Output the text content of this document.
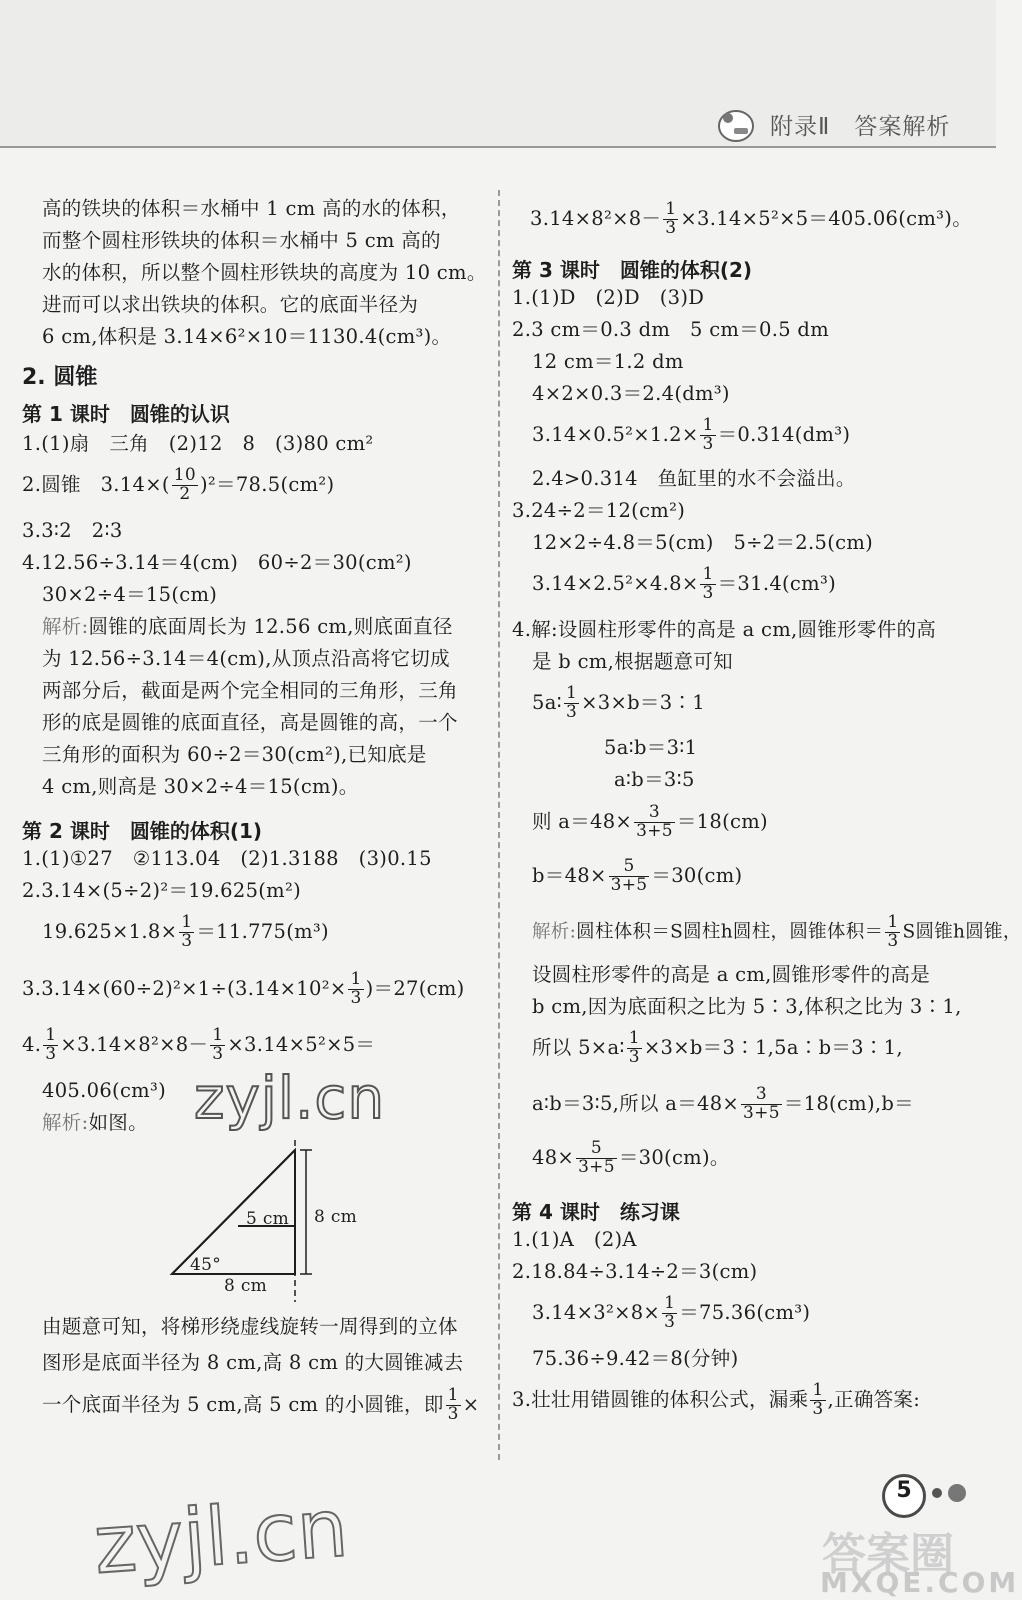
附录Ⅱ　答案解析
高的铁块的体积＝水桶中 1 cm 高的水的体积，
而整个圆柱形铁块的体积＝水桶中 5 cm 高的
水的体积，所以整个圆柱形铁块的高度为 10 cm。
进而可以求出铁块的体积。它的底面半径为
6 cm,体积是 3.14×6²×10＝1130.4(cm³)。
2. 圆锥
第 1 课时　圆锥的认识
1.(1)扇　三角　(2)12　8　(3)80 cm²
2.圆锥　$3.14\times( \frac{10}{2} )^2=78.5(cm^2)$
3.3∶2　2∶3
4.12.56÷3.14＝4(cm)　60÷2＝30(cm²)
30×2÷4＝15(cm)
解析:圆锥的底面周长为 12.56 cm,则底面直径
为 12.56÷3.14＝4(cm),从顶点沿高将它切成
两部分后，截面是两个完全相同的三角形，三角
形的底是圆锥的底面直径，高是圆锥的高，一个
三角形的面积为 60÷2＝30(cm²),已知底是
4 cm,则高是 30×2÷4＝15(cm)。
第 2 课时　圆锥的体积(1)
1.(1)①27　②113.04　(2)1.3188　(3)0.15
2.3.14×(5÷2)²＝19.625(m²)
$19.625\times 1.8\times \frac{1}{3} =11.775(m^3)$
$3.3.14\times(60\div 2)^2\times 1\div(3.14\times 10^2\times \frac{1}{3} )=27(cm)$
4. $\frac{1}{3} \times 3.14\times 8^2\times 8- \frac{1}{3} \times 3.14\times 5^2\times 5=$
405.06(cm³)
解析:如图。
5 cm 8 cm
45°
8 cm
由题意可知，将梯形绕虚线旋转一周得到的立体
图形是底面半径为 8 cm,高 8 cm 的大圆锥减去
一个底面半径为 5 cm,高 5 cm 的小圆锥，即 $\frac{1}{3}$ ×
$3.14\times 8^2\times 8- \frac{1}{3} \times 3.14\times 5^2\times 5=405.06(cm^3)$。
第 3 课时　圆锥的体积(2)
1.(1)D　(2)D　(3)D
2.3 cm＝0.3 dm　5 cm＝0.5 dm
12 cm＝1.2 dm
4×2×0.3＝2.4(dm³)
$3.14\times 0.5^2\times 1.2\times \frac{1}{3} =0.314(dm^3)$
2.4>0.314　鱼缸里的水不会溢出。
3.24÷2＝12(cm²)
12×2÷4.8＝5(cm)　5÷2＝2.5(cm)
$3.14\times 2.5^2\times 4.8\times \frac{1}{3} =31.4(cm^3)$
4.解:设圆柱形零件的高是 a cm,圆锥形零件的高
是 b cm,根据题意可知
5a∶ $\frac{1}{3}$ ×3×b＝3∶1
5a∶b＝3∶1
a∶b＝3∶5
则 $a=48\times \frac{3}{3+5} =18(cm)$
$b=48\times \frac{5}{3+5} =30(cm)$
解析:圆柱体积＝S圆柱h圆柱，圆锥体积＝ $\frac{1}{3}$ S圆锥h圆锥，
设圆柱形零件的高是 a cm,圆锥形零件的高是
b cm,因为底面积之比为 5∶3,体积之比为 3∶1,
所以 5×a∶ $\frac{1}{3}$ ×3×b＝3∶1,5a∶b＝3∶1,
a∶b＝3∶5,所以 $a=48\times \frac{3}{3+5} =18(cm),b=$
$48\times \frac{5}{3+5} =30(cm)$。
第 4 课时　练习课
1.(1)A　(2)A
2.18.84÷3.14÷2＝3(cm)
$3.14\times 3^2\times 8\times \frac{1}{3} =75.36(cm^3)$
75.36÷9.42＝8(分钟)
3.壮壮用错圆锥的体积公式，漏乘 $\frac{1}{3}$ ,正确答案:
5
zyjl.cn
zyjl.cn	答案圈
MXQE.COM
